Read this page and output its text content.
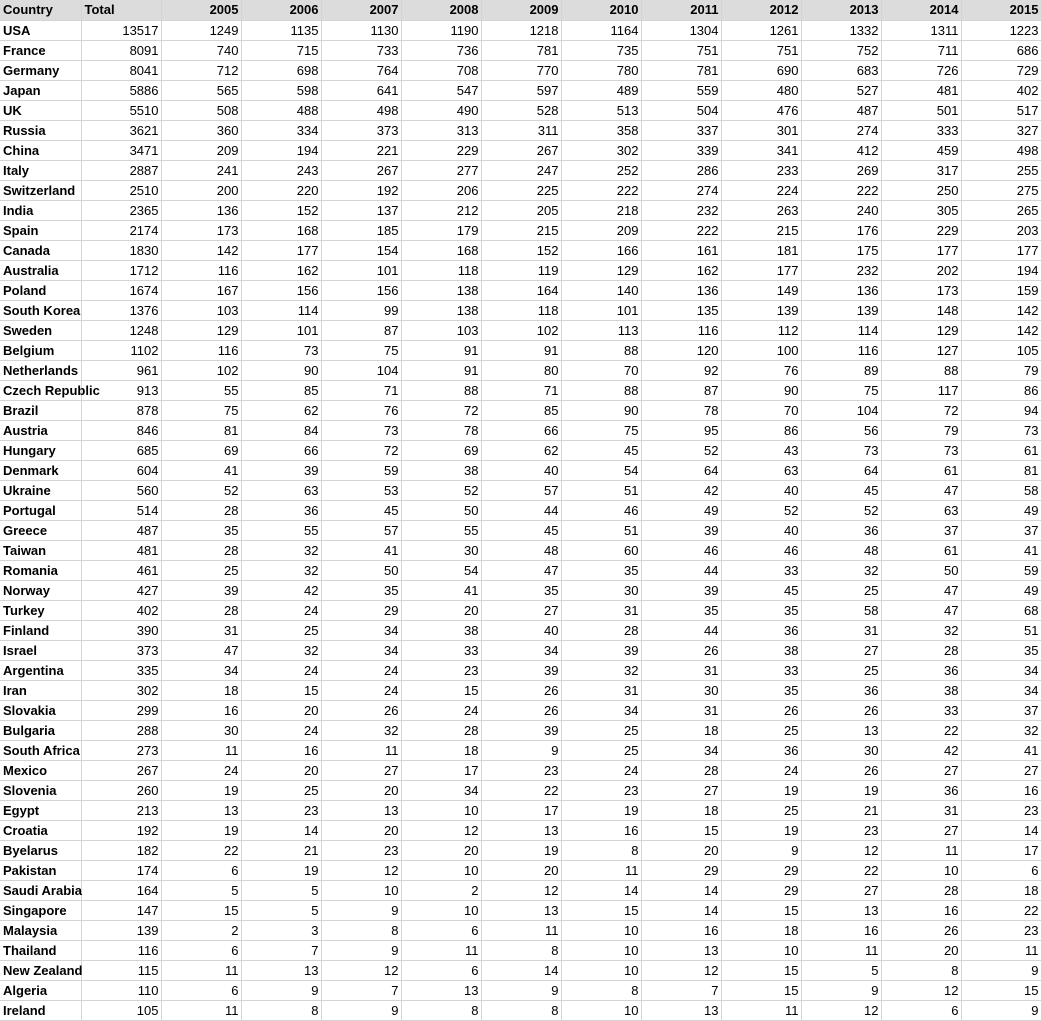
Country	Total	2005	2006	2007	2008	2009	2010	2011	2012	2013	2014	2015
USA	13517	1249	1135	1130	1190	1218	1164	1304	1261	1332	1311	1223
France	8091	740	715	733	736	781	735	751	751	752	711	686
Germany	8041	712	698	764	708	770	780	781	690	683	726	729
Japan	5886	565	598	641	547	597	489	559	480	527	481	402
UK	5510	508	488	498	490	528	513	504	476	487	501	517
Russia	3621	360	334	373	313	311	358	337	301	274	333	327
China	3471	209	194	221	229	267	302	339	341	412	459	498
Italy	2887	241	243	267	277	247	252	286	233	269	317	255
Switzerland	2510	200	220	192	206	225	222	274	224	222	250	275
India	2365	136	152	137	212	205	218	232	263	240	305	265
Spain	2174	173	168	185	179	215	209	222	215	176	229	203
Canada	1830	142	177	154	168	152	166	161	181	175	177	177
Australia	1712	116	162	101	118	119	129	162	177	232	202	194
Poland	1674	167	156	156	138	164	140	136	149	136	173	159
South Korea	1376	103	114	99	138	118	101	135	139	139	148	142
Sweden	1248	129	101	87	103	102	113	116	112	114	129	142
Belgium	1102	116	73	75	91	91	88	120	100	116	127	105
Netherlands	961	102	90	104	91	80	70	92	76	89	88	79
Czech Republic	913	55	85	71	88	71	88	87	90	75	117	86
Brazil	878	75	62	76	72	85	90	78	70	104	72	94
Austria	846	81	84	73	78	66	75	95	86	56	79	73
Hungary	685	69	66	72	69	62	45	52	43	73	73	61
Denmark	604	41	39	59	38	40	54	64	63	64	61	81
Ukraine	560	52	63	53	52	57	51	42	40	45	47	58
Portugal	514	28	36	45	50	44	46	49	52	52	63	49
Greece	487	35	55	57	55	45	51	39	40	36	37	37
Taiwan	481	28	32	41	30	48	60	46	46	48	61	41
Romania	461	25	32	50	54	47	35	44	33	32	50	59
Norway	427	39	42	35	41	35	30	39	45	25	47	49
Turkey	402	28	24	29	20	27	31	35	35	58	47	68
Finland	390	31	25	34	38	40	28	44	36	31	32	51
Israel	373	47	32	34	33	34	39	26	38	27	28	35
Argentina	335	34	24	24	23	39	32	31	33	25	36	34
Iran	302	18	15	24	15	26	31	30	35	36	38	34
Slovakia	299	16	20	26	24	26	34	31	26	26	33	37
Bulgaria	288	30	24	32	28	39	25	18	25	13	22	32
South Africa	273	11	16	11	18	9	25	34	36	30	42	41
Mexico	267	24	20	27	17	23	24	28	24	26	27	27
Slovenia	260	19	25	20	34	22	23	27	19	19	36	16
Egypt	213	13	23	13	10	17	19	18	25	21	31	23
Croatia	192	19	14	20	12	13	16	15	19	23	27	14
Byelarus	182	22	21	23	20	19	8	20	9	12	11	17
Pakistan	174	6	19	12	10	20	11	29	29	22	10	6
Saudi Arabia	164	5	5	10	2	12	14	14	29	27	28	18
Singapore	147	15	5	9	10	13	15	14	15	13	16	22
Malaysia	139	2	3	8	6	11	10	16	18	16	26	23
Thailand	116	6	7	9	11	8	10	13	10	11	20	11
New Zealand	115	11	13	12	6	14	10	12	15	5	8	9
Algeria	110	6	9	7	13	9	8	7	15	9	12	15
Ireland	105	11	8	9	8	8	10	13	11	12	6	9
